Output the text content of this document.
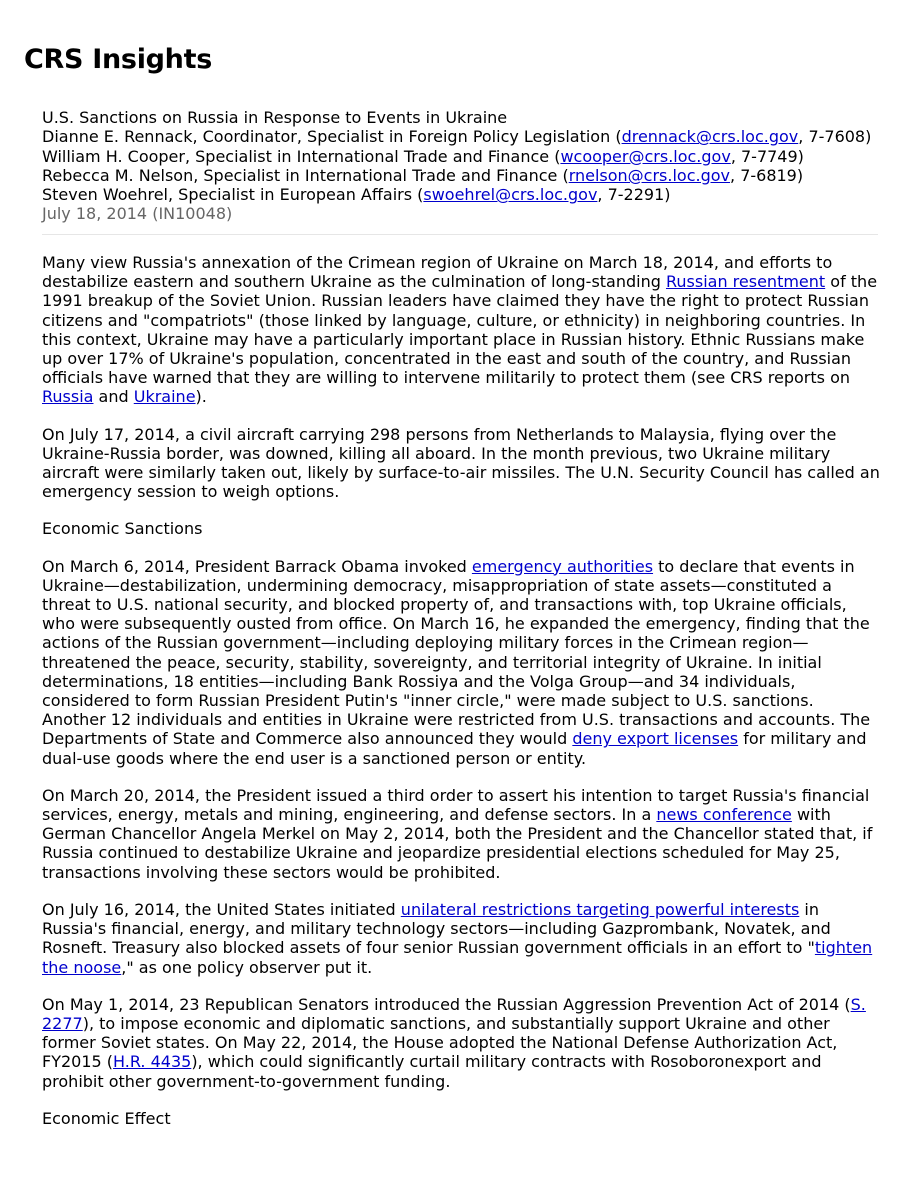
CRS Insights
U.S. Sanctions on Russia in Response to Events in Ukraine
Dianne E. Rennack, Coordinator, Specialist in Foreign Policy Legislation (drennack@crs.loc.gov, 7-7608)
William H. Cooper, Specialist in International Trade and Finance (wcooper@crs.loc.gov, 7-7749)
Rebecca M. Nelson, Specialist in International Trade and Finance (rnelson@crs.loc.gov, 7-6819)
Steven Woehrel, Specialist in European Affairs (swoehrel@crs.loc.gov, 7-2291)
July 18, 2014 (IN10048)

Many view Russia's annexation of the Crimean region of Ukraine on March 18, 2014, and efforts to destabilize eastern and southern Ukraine as the culmination of long-standing Russian resentment of the 1991 breakup of the Soviet Union. Russian leaders have claimed they have the right to protect Russian citizens and "compatriots" (those linked by language, culture, or ethnicity) in neighboring countries. In this context, Ukraine may have a particularly important place in Russian history. Ethnic Russians make up over 17% of Ukraine's population, concentrated in the east and south of the country, and Russian officials have warned that they are willing to intervene militarily to protect them (see CRS reports on Russia and Ukraine).

On July 17, 2014, a civil aircraft carrying 298 persons from Netherlands to Malaysia, flying over the Ukraine-Russia border, was downed, killing all aboard. In the month previous, two Ukraine military aircraft were similarly taken out, likely by surface-to-air missiles. The U.N. Security Council has called an emergency session to weigh options.

Economic Sanctions

On March 6, 2014, President Barrack Obama invoked emergency authorities to declare that events in Ukraine—destabilization, undermining democracy, misappropriation of state assets—constituted a threat to U.S. national security, and blocked property of, and transactions with, top Ukraine officials, who were subsequently ousted from office. On March 16, he expanded the emergency, finding that the actions of the Russian government—including deploying military forces in the Crimean region—threatened the peace, security, stability, sovereignty, and territorial integrity of Ukraine. In initial determinations, 18 entities—including Bank Rossiya and the Volga Group—and 34 individuals, considered to form Russian President Putin's "inner circle," were made subject to U.S. sanctions. Another 12 individuals and entities in Ukraine were restricted from U.S. transactions and accounts. The Departments of State and Commerce also announced they would deny export licenses for military and dual-use goods where the end user is a sanctioned person or entity.

On March 20, 2014, the President issued a third order to assert his intention to target Russia's financial services, energy, metals and mining, engineering, and defense sectors. In a news conference with German Chancellor Angela Merkel on May 2, 2014, both the President and the Chancellor stated that, if Russia continued to destabilize Ukraine and jeopardize presidential elections scheduled for May 25, transactions involving these sectors would be prohibited.

On July 16, 2014, the United States initiated unilateral restrictions targeting powerful interests in Russia's financial, energy, and military technology sectors—including Gazprombank, Novatek, and Rosneft. Treasury also blocked assets of four senior Russian government officials in an effort to "tighten the noose," as one policy observer put it.

On May 1, 2014, 23 Republican Senators introduced the Russian Aggression Prevention Act of 2014 (S. 2277), to impose economic and diplomatic sanctions, and substantially support Ukraine and other former Soviet states. On May 22, 2014, the House adopted the National Defense Authorization Act, FY2015 (H.R. 4435), which could significantly curtail military contracts with Rosoboronexport and prohibit other government-to-government funding.

Economic Effect
